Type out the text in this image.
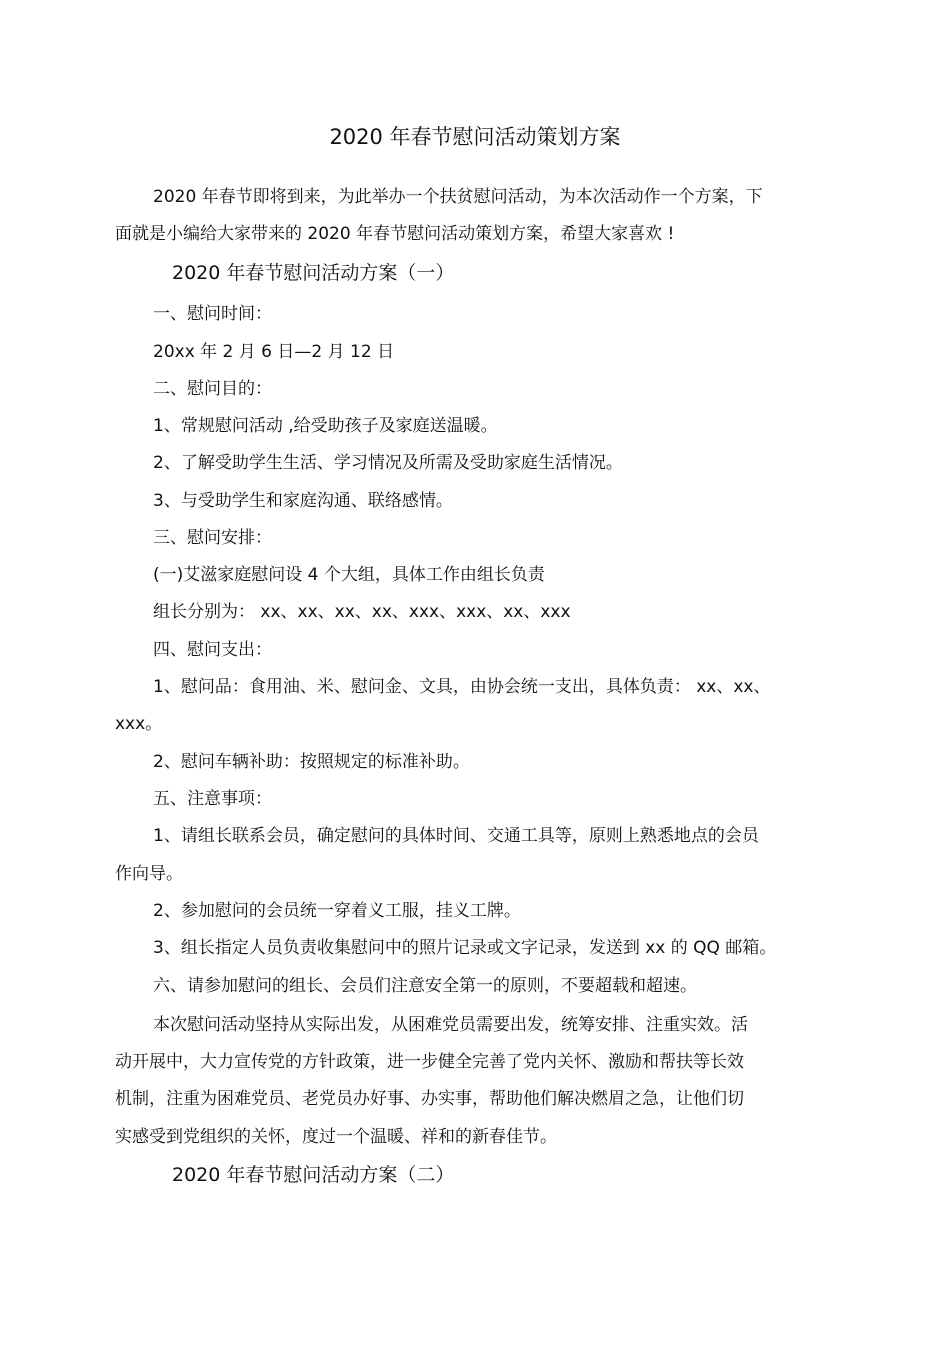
2020 年春节慰问活动策划方案
2020 年春节即将到来，为此举办一个扶贫慰问活动，为本次活动作一个方案，下
面就是小编给大家带来的 2020 年春节慰问活动策划方案，希望大家喜欢 !
2020 年春节慰问活动方案（一）
一、慰问时间：
20xx 年 2 月 6 日—2 月 12 日
二、慰问目的：
1、常规慰问活动 ,给受助孩子及家庭送温暖。
2、了解受助学生生活、学习情况及所需及受助家庭生活情况。
3、与受助学生和家庭沟通、联络感情。
三、慰问安排：
(一)艾滋家庭慰问设 4 个大组，具体工作由组长负责
组长分别为： xx、xx、xx、xx、xxx、xxx、xx、xxx
四、慰问支出：
1、慰问品：食用油、米、慰问金、文具，由协会统一支出，具体负责： xx、xx、
xxx。
2、慰问车辆补助：按照规定的标准补助。
五、注意事项：
1、请组长联系会员，确定慰问的具体时间、交通工具等，原则上熟悉地点的会员
作向导。
2、参加慰问的会员统一穿着义工服，挂义工牌。
3、组长指定人员负责收集慰问中的照片记录或文字记录，发送到 xx 的 QQ 邮箱。
六、请参加慰问的组长、会员们注意安全第一的原则，不要超载和超速。
本次慰问活动坚持从实际出发，从困难党员需要出发，统筹安排、注重实效。活
动开展中，大力宣传党的方针政策，进一步健全完善了党内关怀、激励和帮扶等长效
机制，注重为困难党员、老党员办好事、办实事，帮助他们解决燃眉之急，让他们切
实感受到党组织的关怀，度过一个温暖、祥和的新春佳节。
2020 年春节慰问活动方案（二）
